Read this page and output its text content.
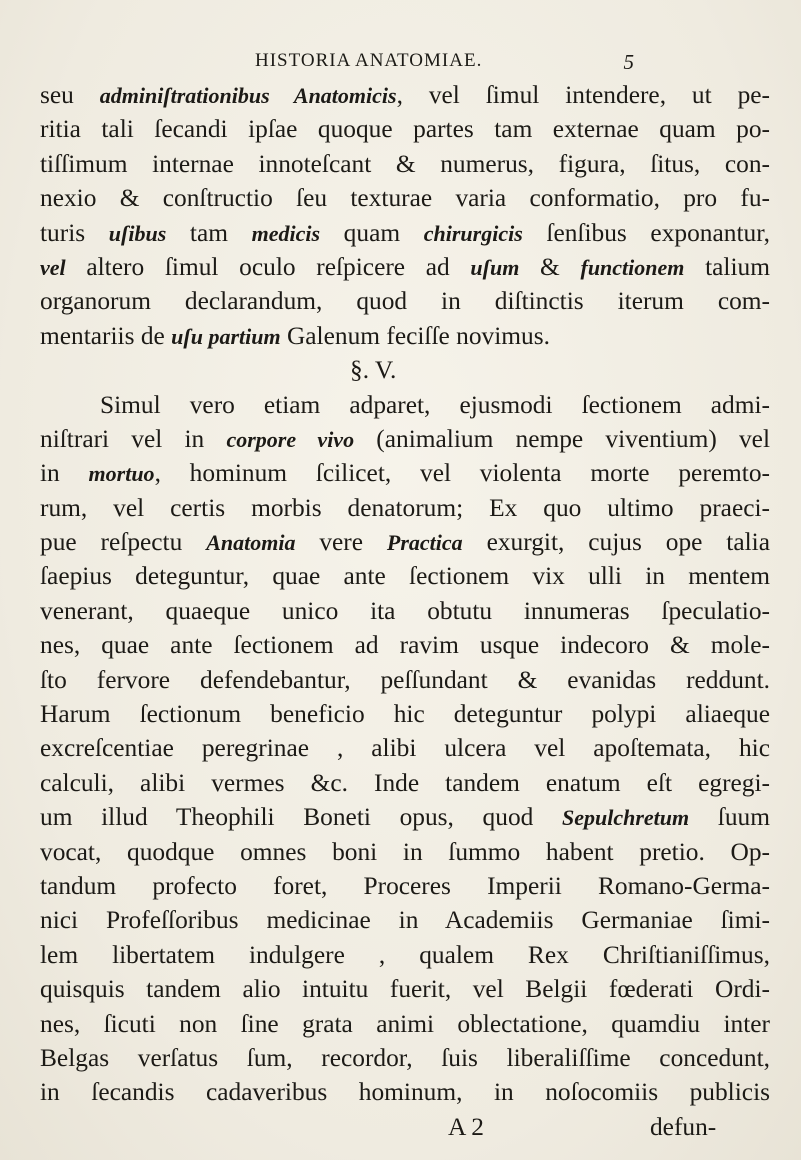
HISTORIA ANATOMIAE.	5
seu adminiſtrationibus Anatomicis, vel ſimul intendere, ut pe-
ritia tali ſecandi ipſae quoque partes tam externae quam po-
tiſſimum internae innoteſcant & numerus, figura, ſitus, con-
nexio & conſtructio ſeu texturae varia conformatio, pro fu-
turis uſibus tam medicis quam chirurgicis ſenſibus exponantur,
vel altero ſimul oculo reſpicere ad uſum & functionem talium
organorum declarandum, quod in diſtinctis iterum com-
mentariis de uſu partium Galenum feciſſe novimus.
§. V.
Simul vero etiam adparet, ejusmodi ſectionem admi-
niſtrari vel in corpore vivo (animalium nempe viventium) vel
in mortuo, hominum ſcilicet, vel violenta morte peremto-
rum, vel certis morbis denatorum; Ex quo ultimo praeci-
pue reſpectu Anatomia vere Practica exurgit, cujus ope talia
ſaepius deteguntur, quae ante ſectionem vix ulli in mentem
venerant, quaeque unico ita obtutu innumeras ſpeculatio-
nes, quae ante ſectionem ad ravim usque indecoro & mole-
ſto fervore defendebantur, peſſundant & evanidas reddunt.
Harum ſectionum beneficio hic deteguntur polypi aliaeque
excreſcentiae peregrinae , alibi ulcera vel apoſtemata, hic
calculi, alibi vermes &c. Inde tandem enatum eſt egregi-
um illud Theophili Boneti opus, quod Sepulchretum ſuum
vocat, quodque omnes boni in ſummo habent pretio. Op-
tandum profecto foret, Proceres Imperii Romano-Germa-
nici Profeſſoribus medicinae in Academiis Germaniae ſimi-
lem libertatem indulgere , qualem Rex Chriſtianiſſimus,
quisquis tandem alio intuitu fuerit, vel Belgii fœderati Ordi-
nes, ſicuti non ſine grata animi oblectatione, quamdiu inter
Belgas verſatus ſum, recordor, ſuis liberaliſſime concedunt,
in ſecandis cadaveribus hominum, in noſocomiis publicis
A 2	defun-
